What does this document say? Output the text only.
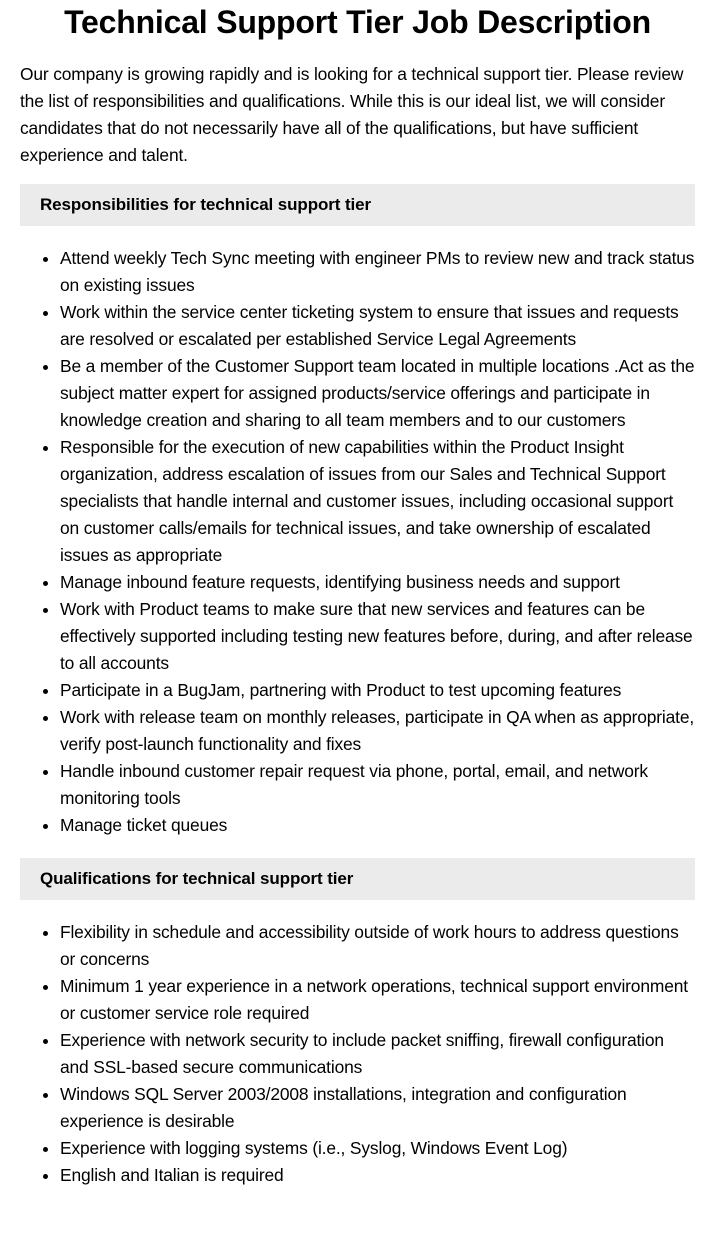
Technical Support Tier Job Description

Our company is growing rapidly and is looking for a technical support tier. Please review the list of responsibilities and qualifications. While this is our ideal list, we will consider candidates that do not necessarily have all of the qualifications, but have sufficient experience and talent.

Responsibilities for technical support tier
Attend weekly Tech Sync meeting with engineer PMs to review new and track status on existing issues
Work within the service center ticketing system to ensure that issues and requests are resolved or escalated per established Service Legal Agreements
Be a member of the Customer Support team located in multiple locations .Act as the subject matter expert for assigned products/service offerings and participate in knowledge creation and sharing to all team members and to our customers
Responsible for the execution of new capabilities within the Product Insight organization, address escalation of issues from our Sales and Technical Support specialists that handle internal and customer issues, including occasional support on customer calls/emails for technical issues, and take ownership of escalated issues as appropriate
Manage inbound feature requests, identifying business needs and support
Work with Product teams to make sure that new services and features can be effectively supported including testing new features before, during, and after release to all accounts
Participate in a BugJam, partnering with Product to test upcoming features
Work with release team on monthly releases, participate in QA when as appropriate, verify post-launch functionality and fixes
Handle inbound customer repair request via phone, portal, email, and network monitoring tools
Manage ticket queues
Qualifications for technical support tier
Flexibility in schedule and accessibility outside of work hours to address questions or concerns
Minimum 1 year experience in a network operations, technical support environment or customer service role required
Experience with network security to include packet sniffing, firewall configuration and SSL-based secure communications
Windows SQL Server 2003/2008 installations, integration and configuration experience is desirable
Experience with logging systems (i.e., Syslog, Windows Event Log)
English and Italian is required
